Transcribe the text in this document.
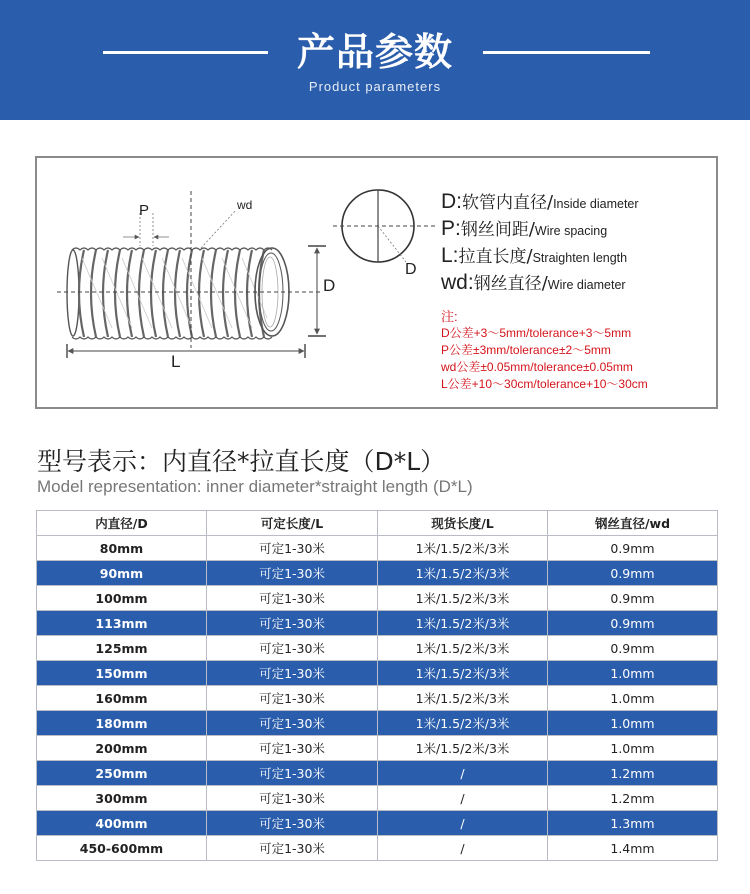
产品参数
Product parameters
P	wd
D
L
D
D: 软管内直径 / Inside diameter
P: 钢丝间距 / Wire spacing
L: 拉直长度 / Straighten length
wd: 钢丝直径 / Wire diameter
注:
D公差+3～5mm/tolerance+3～5mm
P公差±3mm/tolerance±2～5mm
wd公差±0.05mm/tolerance±0.05mm
L公差+10～30cm/tolerance+10～30cm
型号表示：内直径*拉直长度（D*L）
Model representation: inner diameter*straight length (D*L)
内直径/D	可定长度/L	现货长度/L	钢丝直径/wd
80mm	可定1-30米	1米/1.5/2米/3米	0.9mm
90mm	可定1-30米	1米/1.5/2米/3米	0.9mm
100mm	可定1-30米	1米/1.5/2米/3米	0.9mm
113mm	可定1-30米	1米/1.5/2米/3米	0.9mm
125mm	可定1-30米	1米/1.5/2米/3米	0.9mm
150mm	可定1-30米	1米/1.5/2米/3米	1.0mm
160mm	可定1-30米	1米/1.5/2米/3米	1.0mm
180mm	可定1-30米	1米/1.5/2米/3米	1.0mm
200mm	可定1-30米	1米/1.5/2米/3米	1.0mm
250mm	可定1-30米	/	1.2mm
300mm	可定1-30米	/	1.2mm
400mm	可定1-30米	/	1.3mm
450-600mm	可定1-30米	/	1.4mm
